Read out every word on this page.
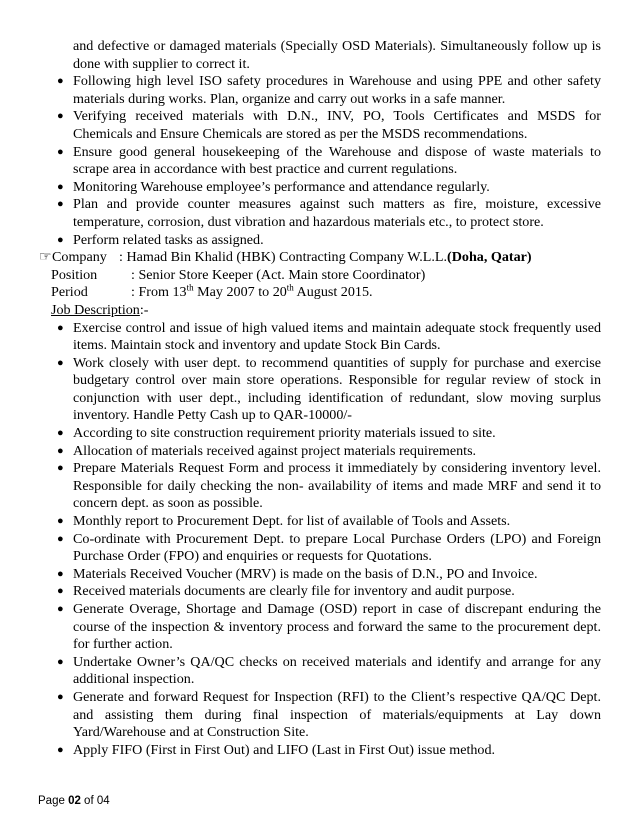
and defective or damaged materials (Specially OSD Materials). Simultaneously follow up is done with supplier to correct it.

● Following high level ISO safety procedures in Warehouse and using PPE and other safety materials during works. Plan, organize and carry out works in a safe manner.
● Verifying received materials with D.N., INV, PO, Tools Certificates and MSDS for Chemicals and Ensure Chemicals are stored as per the MSDS recommendations.
● Ensure good general housekeeping of the Warehouse and dispose of waste materials to scrape area in accordance with best practice and current regulations.
● Monitoring Warehouse employee’s performance and attendance regularly.
● Plan and provide counter measures against such matters as fire, moisture, excessive temperature, corrosion, dust vibration and hazardous materials etc., to protect store.
● Perform related tasks as assigned.
☞ Company : Hamad Bin Khalid (HBK) Contracting Company W.L.L. (Doha, Qatar)
Position	: Senior Store Keeper (Act. Main store Coordinator)
Period	: From 13th May 2007 to 20th August 2015.
Job Description :-
● Exercise control and issue of high valued items and maintain adequate stock frequently used items. Maintain stock and inventory and update Stock Bin Cards.
● Work closely with user dept. to recommend quantities of supply for purchase and exercise budgetary control over main store operations. Responsible for regular review of stock in conjunction with user dept., including identification of redundant, slow moving surplus inventory. Handle Petty Cash up to QAR-10000/-
● According to site construction requirement priority materials issued to site.
● Allocation of materials received against project materials requirements.
● Prepare Materials Request Form and process it immediately by considering inventory level. Responsible for daily checking the non- availability of items and made MRF and send it to concern dept. as soon as possible.
● Monthly report to Procurement Dept. for list of available of Tools and Assets.
● Co-ordinate with Procurement Dept. to prepare Local Purchase Orders (LPO) and Foreign Purchase Order (FPO) and enquiries or requests for Quotations.
● Materials Received Voucher (MRV) is made on the basis of D.N., PO and Invoice.
● Received materials documents are clearly file for inventory and audit purpose.
● Generate Overage, Shortage and Damage (OSD) report in case of discrepant enduring the course of the inspection & inventory process and forward the same to the procurement dept. for further action.
● Undertake Owner’s QA/QC checks on received materials and identify and arrange for any additional inspection.
● Generate and forward Request for Inspection (RFI) to the Client’s respective QA/QC Dept. and assisting them during final inspection of materials/equipments at Lay down Yard/Warehouse and at Construction Site.
● Apply FIFO (First in First Out) and LIFO (Last in First Out) issue method.
Page 02 of 04
